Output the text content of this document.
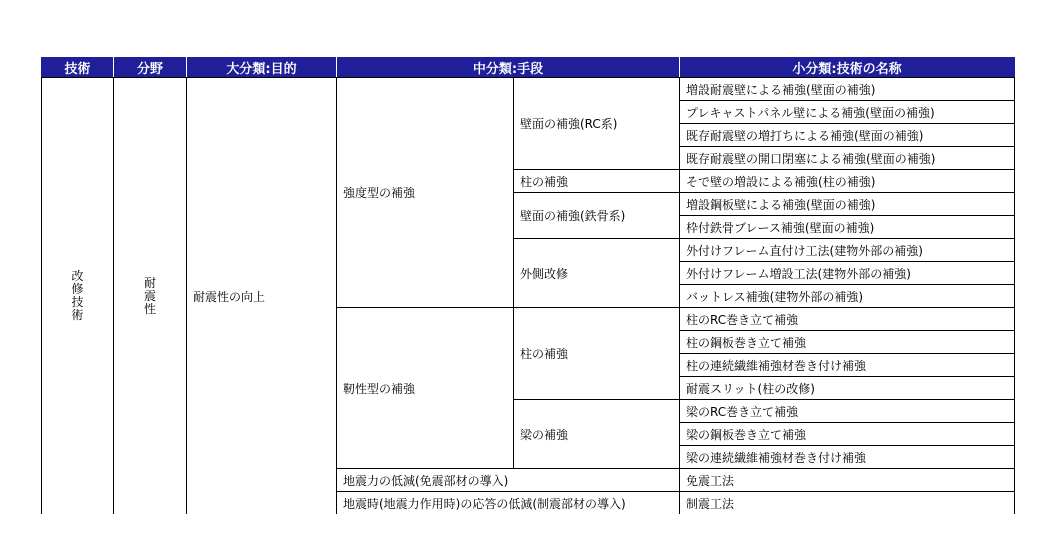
技術	分野	大分類:目的	中分類:手段		小分類:技術の名称
改修技術	耐震性	耐震性の向上	強度型の補強	壁面の補強(RC系)	増設耐震壁による補強(壁面の補強)
					プレキャストパネル壁による補強(壁面の補強)
					既存耐震壁の増打ちによる補強(壁面の補強)
					既存耐震壁の開口閉塞による補強(壁面の補強)
				柱の補強	そで壁の増設による補強(柱の補強)
				壁面の補強(鉄骨系)	増設鋼板壁による補強(壁面の補強)
					枠付鉄骨ブレース補強(壁面の補強)
				外側改修	外付けフレーム直付け工法(建物外部の補強)
					外付けフレーム増設工法(建物外部の補強)
					バットレス補強(建物外部の補強)
			靭性型の補強	柱の補強	柱のRC巻き立て補強
					柱の鋼板巻き立て補強
					柱の連続繊維補強材巻き付け補強
					耐震スリット(柱の改修)
				梁の補強	梁のRC巻き立て補強
					梁の鋼板巻き立て補強
					梁の連続繊維補強材巻き付け補強
			地震力の低減(免震部材の導入)		免震工法
			地震時(地震力作用時)の応答の低減(制震部材の導入)		制震工法
